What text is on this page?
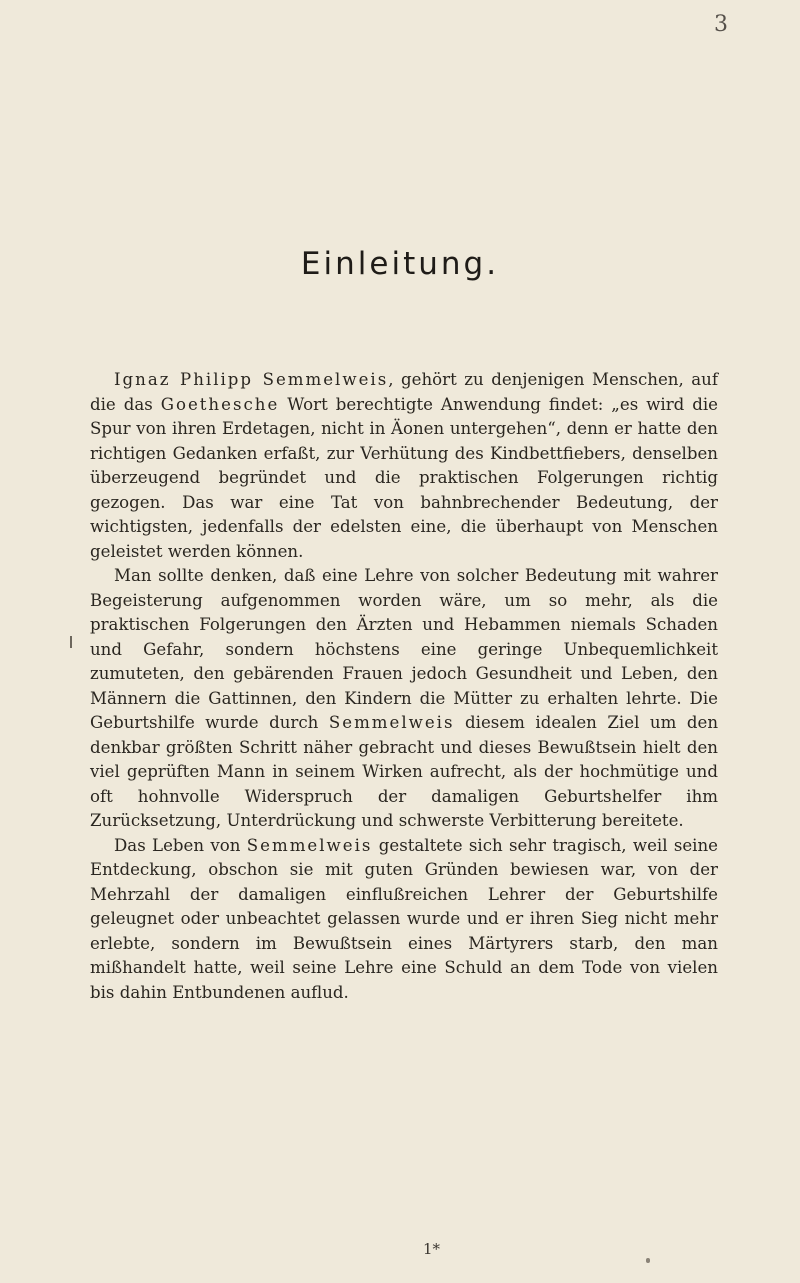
3
Einleitung.

Ignaz Philipp Semmelweis, gehört zu denjenigen Menschen, auf die das Goethesche Wort berechtigte Anwendung findet: „es wird die Spur von ihren Erdetagen, nicht in Äonen untergehen“, denn er hatte den richtigen Gedanken erfaßt, zur Verhütung des Kindbettfiebers, denselben überzeugend begründet und die praktischen Folgerungen richtig gezogen. Das war eine Tat von bahnbrechender Bedeutung, der wichtigsten, jedenfalls der edelsten eine, die überhaupt von Menschen geleistet werden können.

Man sollte denken, daß eine Lehre von solcher Bedeutung mit wahrer Begeisterung aufgenommen worden wäre, um so mehr, als die praktischen Folgerungen den Ärzten und Hebammen niemals Schaden und Gefahr, sondern höchstens eine geringe Unbequemlichkeit zumuteten, den gebärenden Frauen jedoch Gesundheit und Leben, den Männern die Gattinnen, den Kindern die Mütter zu erhalten lehrte. Die Geburtshilfe wurde durch Semmelweis diesem idealen Ziel um den denkbar größten Schritt näher gebracht und dieses Bewußtsein hielt den viel geprüften Mann in seinem Wirken aufrecht, als der hochmütige und oft hohnvolle Widerspruch der damaligen Geburtshelfer ihm Zurücksetzung, Unterdrückung und schwerste Verbitterung bereitete.

Das Leben von Semmelweis gestaltete sich sehr tragisch, weil seine Entdeckung, obschon sie mit guten Gründen bewiesen war, von der Mehrzahl der damaligen einflußreichen Lehrer der Geburtshilfe geleugnet oder unbeachtet gelassen wurde und er ihren Sieg nicht mehr erlebte, sondern im Bewußtsein eines Märtyrers starb, den man mißhandelt hatte, weil seine Lehre eine Schuld an dem Tode von vielen bis dahin Entbundenen auflud.

1*
